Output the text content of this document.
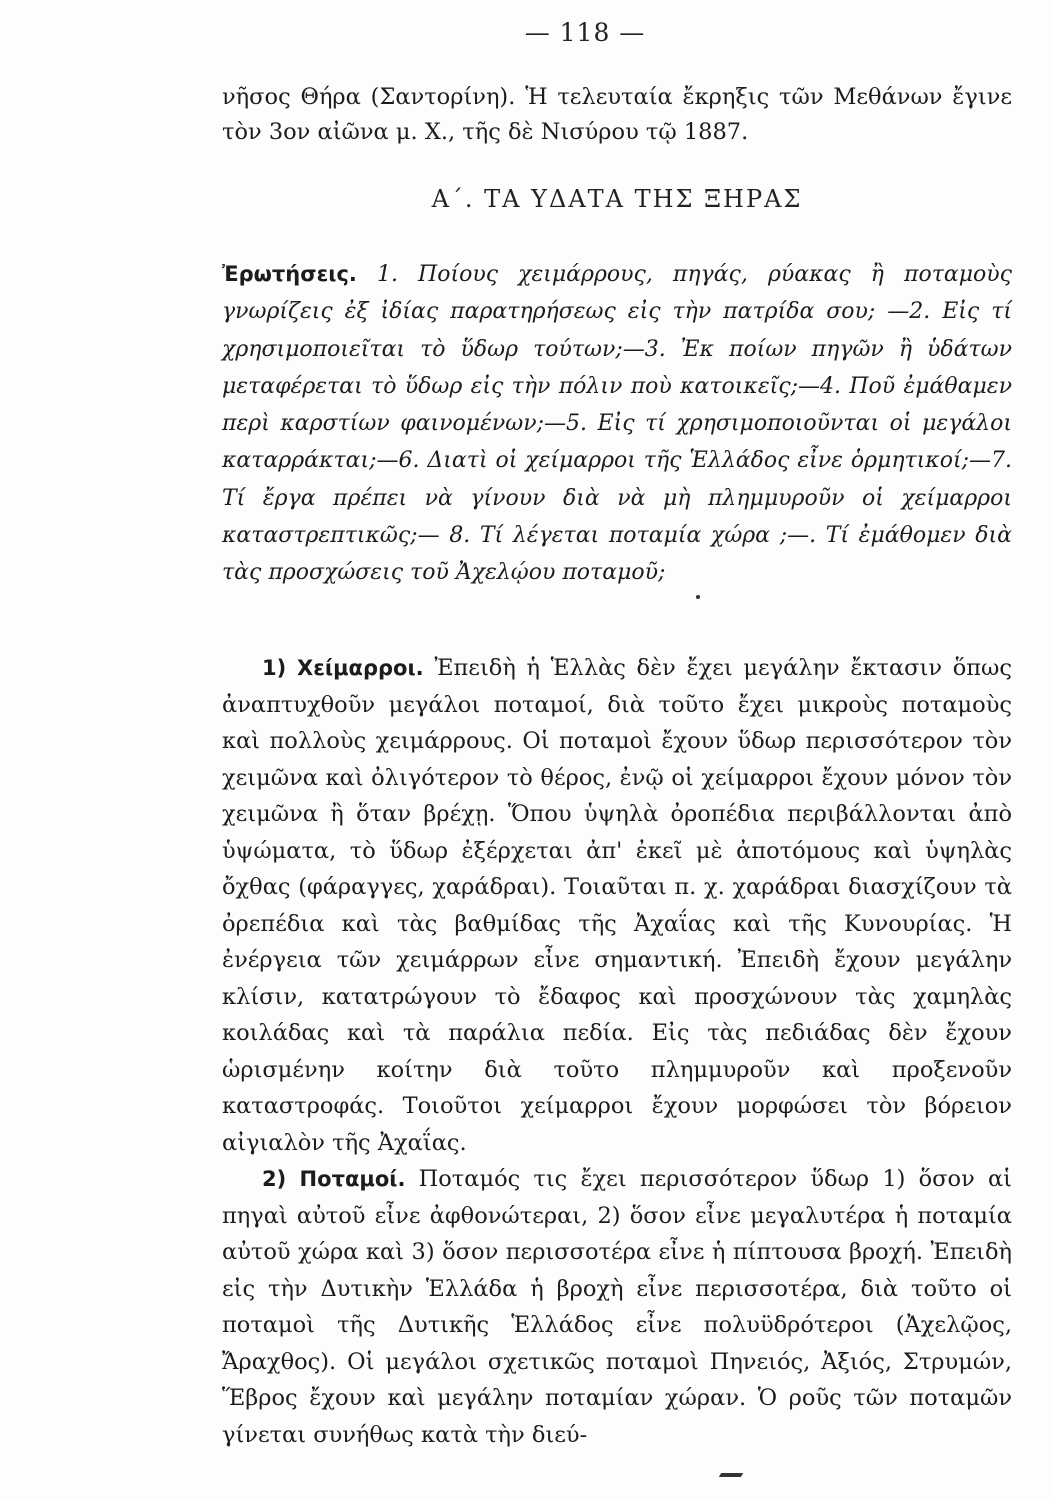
— 118 —
νῆσος Θήρα (Σαντορίνη). Ἡ τελευταία ἔκρηξις τῶν Μεθάνων ἔγινε τὸν 3ον αἰῶνα μ. Χ., τῆς δὲ Νισύρου τῷ 1887.
Α΄. ΤΑ ΥΔΑΤΑ ΤΗΣ ΞΗΡΑΣ
Ἐρωτήσεις. 1. Ποίους χειμάρρους, πηγάς, ρύακας ἢ ποταμοὺς γνωρίζεις ἐξ ἰδίας παρατηρήσεως εἰς τὴν πατρίδα σου; —2. Εἰς τί χρησιμοποιεῖται τὸ ὕδωρ τούτων;—3. Ἐκ ποίων πηγῶν ἢ ὑδάτων μεταφέρεται τὸ ὕδωρ εἰς τὴν πόλιν ποὺ κατοικεῖς;—4. Ποῦ ἐμάθαμεν περὶ καρστίων φαινομένων;—5. Εἰς τί χρησιμοποιοῦνται οἱ μεγάλοι καταρράκται;—6. Διατὶ οἱ χείμαρροι τῆς Ἑλλάδος εἶνε ὁρμητικοί;—7. Τί ἔργα πρέπει νὰ γίνουν διὰ νὰ μὴ πλημμυροῦν οἱ χείμαρροι καταστρεπτικῶς;— 8. Τί λέγεται ποταμία χώρα ;—. Τί ἐμάθομεν διὰ τὰς προσχώσεις τοῦ Ἀχελῴου ποταμοῦ;

1) Χείμαρροι. Ἐπειδὴ ἡ Ἑλλὰς δὲν ἔχει μεγάλην ἔκτασιν ὅπως ἀναπτυχθοῦν μεγάλοι ποταμοί, διὰ τοῦτο ἔχει μικροὺς ποταμοὺς καὶ πολλοὺς χειμάρρους. Οἱ ποταμοὶ ἔχουν ὕδωρ περισσότερον τὸν χειμῶνα καὶ ὀλιγότερον τὸ θέρος, ἐνῷ οἱ χείμαρροι ἔχουν μόνον τὸν χειμῶνα ἢ ὅταν βρέχῃ. Ὅπου ὑψηλὰ ὀροπέδια περιβάλλονται ἀπὸ ὑψώματα, τὸ ὕδωρ ἐξέρχεται ἀπ' ἐκεῖ μὲ ἀποτόμους καὶ ὑψηλὰς ὄχθας (φάραγγες, χαράδραι). Τοιαῦται π. χ. χαράδραι διασχίζουν τὰ ὀρεπέδια καὶ τὰς βαθμίδας τῆς Ἀχαΐας καὶ τῆς Κυνουρίας. Ἡ ἐνέργεια τῶν χειμάρρων εἶνε σημαντική. Ἐπειδὴ ἔχουν μεγάλην κλίσιν, κατατρώγουν τὸ ἔδαφος καὶ προσχώνουν τὰς χαμηλὰς κοιλάδας καὶ τὰ παράλια πεδία. Εἰς τὰς πεδιάδας δὲν ἔχουν ὡρισμένην κοίτην διὰ τοῦτο πλημμυροῦν καὶ προξενοῦν καταστροφάς. Τοιοῦτοι χείμαρροι ἔχουν μορφώσει τὸν βόρειον αἰγιαλὸν τῆς Ἀχαΐας.

2) Ποταμοί. Ποταμός τις ἔχει περισσότερον ὕδωρ 1) ὅσον αἱ πηγαὶ αὐτοῦ εἶνε ἀφθονώτεραι, 2) ὅσον εἶνε μεγαλυτέρα ἡ ποταμία αὐτοῦ χώρα καὶ 3) ὅσον περισσοτέρα εἶνε ἡ πίπτουσα βροχή. Ἐπειδὴ εἰς τὴν Δυτικὴν Ἑλλάδα ἡ βροχὴ εἶνε περισσοτέρα, διὰ τοῦτο οἱ ποταμοὶ τῆς Δυτικῆς Ἑλλάδος εἶνε πολυϋδρότεροι (Ἀχελῷος, Ἄραχθος). Οἱ μεγάλοι σχετικῶς ποταμοὶ Πηνειός, Ἀξιός, Στρυμών, Ἕβρος ἔχουν καὶ μεγάλην ποταμίαν χώραν. Ὁ ροῦς τῶν ποταμῶν γίνεται συνήθως κατὰ τὴν διεύ-
